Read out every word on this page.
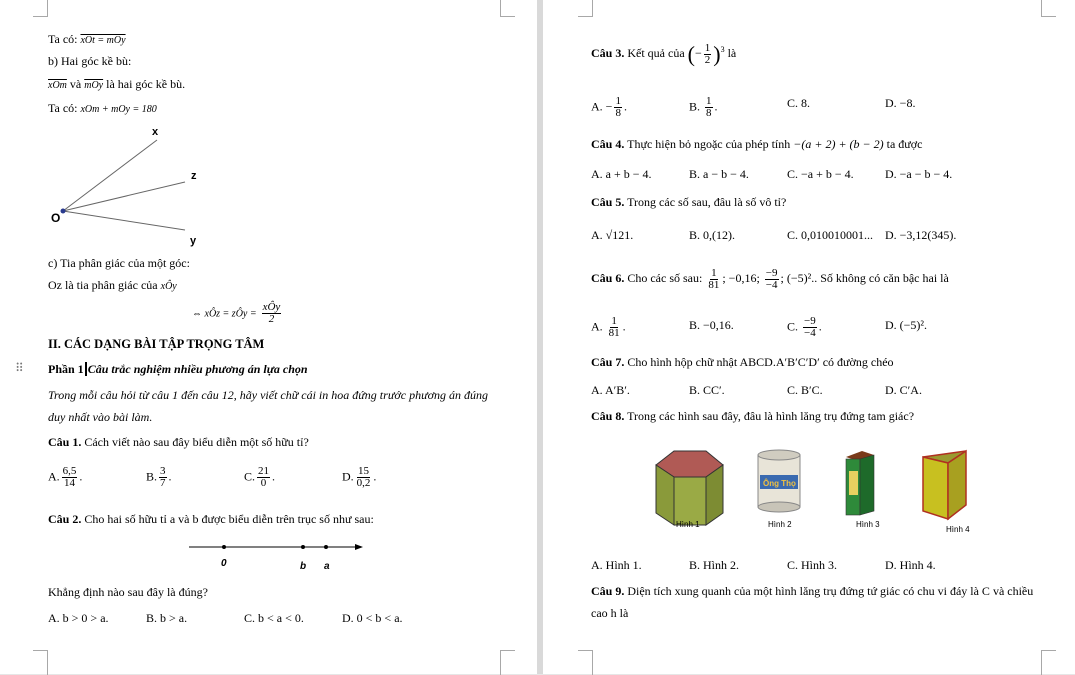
Ta có: xOt = mOy
b) Hai góc kề bù:
$\overline{xOm}$ và $\overline{mOy}$ là hai góc kề bù.
Ta có: xOm + mOy = 180
x
z
O
y
c) Tia phân giác của một góc:
Oz là tia phân giác của xÔy
⇔ xÔz = zÔy = $\frac{\text{xÔy}}{2}$
II. CÁC DẠNG BÀI TẬP TRỌNG TÂM
⠿ Phần 1 Câu trắc nghiệm nhiều phương án lựa chọn
Trong mỗi câu hỏi từ câu 1 đến câu 12, hãy viết chữ cái in hoa đứng trước phương án đúng
duy nhất vào bài làm.
Câu 1. Cách viết nào sau đây biểu diễn một số hữu tỉ?
A. $\frac{6,5}{14}$ .	B. $\frac{3}{7}$ .	C. $\frac{21}{0}$ .	D. $\frac{15}{0,2}$ .
Câu 2. Cho hai số hữu tỉ a và b được biểu diễn trên trục số như sau:
0	b a
Khẳng định nào sau đây là đúng?
A. b > 0 > a.	B. b > a.	C. b < a < 0.	D. 0 < b < a.
Câu 3. Kết quả của (− $\frac{1}{2} )^3$ là
A. − $\frac{1}{8}$ .	B. $\frac{1}{8}$ .	C. 8.	D. −8.
Câu 4. Thực hiện bỏ ngoặc của phép tính −(a + 2) + (b − 2) ta được
A. a + b − 4.	B. a − b − 4.	C. −a + b − 4.	D. −a − b − 4.
Câu 5. Trong các số sau, đâu là số vô tỉ?
A. √121.	B. 0,(12).	C. 0,010010001... D. −3,12(345).
Câu 6. Cho các số sau: $\frac{1}{81}$ ; −0,16; $\frac{-9}{-4}$ ; (−5)².. Số không có căn bậc hai là
A. $\frac{1}{81}$ .	B. −0,16.	C. $\frac{-9}{-4}$ .	D. (−5)².
Câu 7. Cho hình hộp chữ nhật ABCD.A′B′C′D′ có đường chéo
A. A′B′.	B. CC′.	C. B′C.	D. C′A.
Câu 8. Trong các hình sau đây, đâu là hình lăng trụ đứng tam giác?
Hình 1
Ông Thọ
Hình 2	Hình 3
Hình 4
A. Hình 1.	B. Hình 2.	C. Hình 3.	D. Hình 4.
Câu 9. Diện tích xung quanh của một hình lăng trụ đứng tứ giác có chu vi đáy là C và chiều
cao h là
